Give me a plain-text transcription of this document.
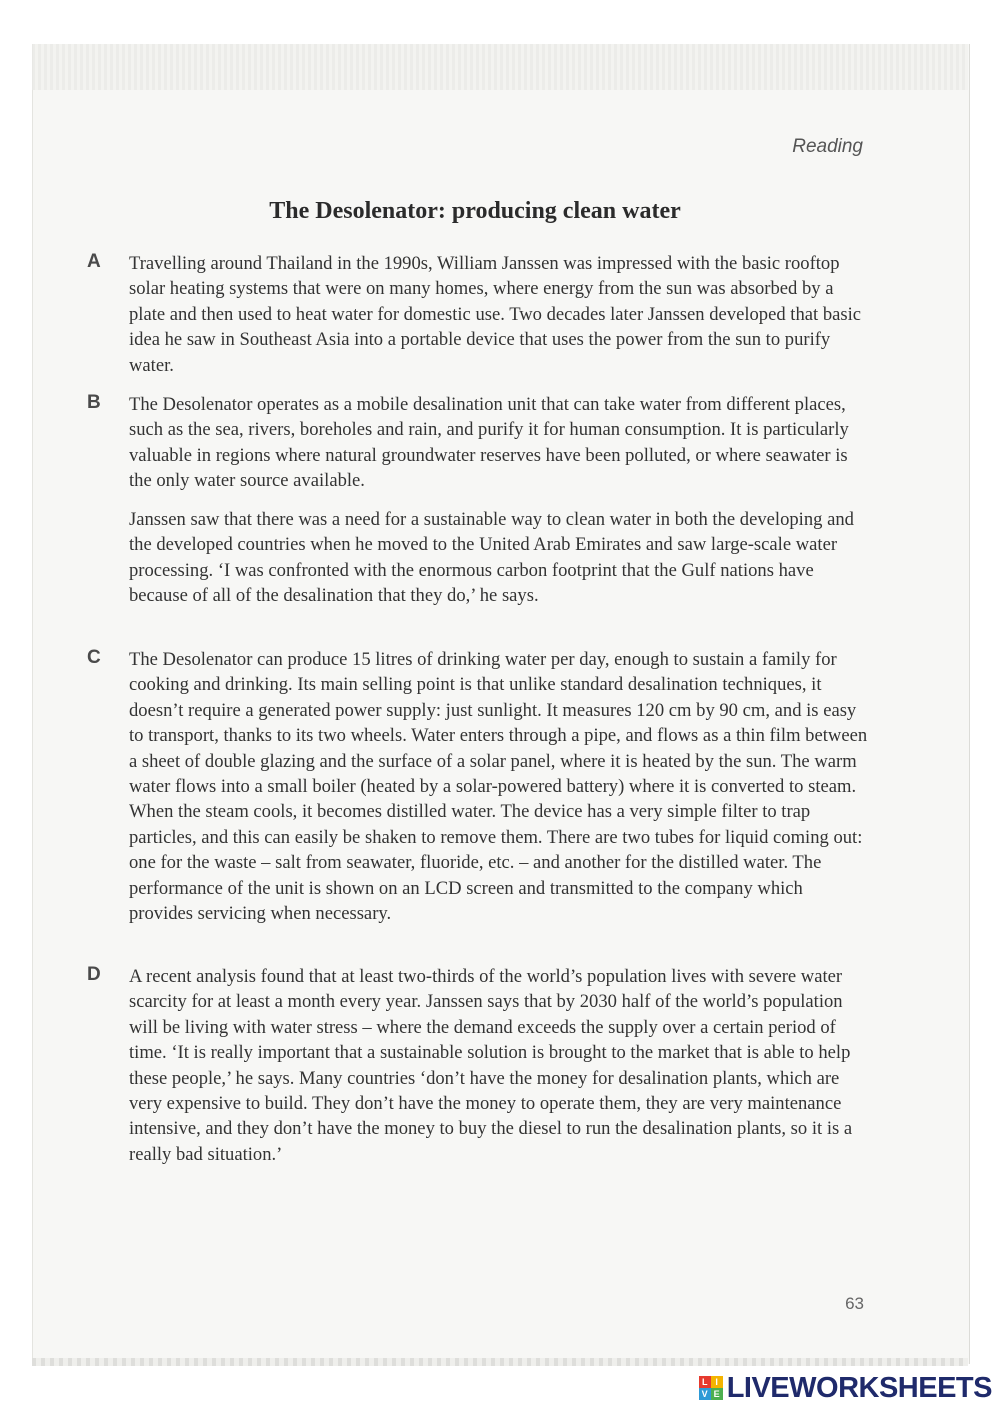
Reading
The Desolenator: producing clean water
A Travelling around Thailand in the 1990s, William Janssen was impressed with the basic rooftop solar heating systems that were on many homes, where energy from the sun was absorbed by a plate and then used to heat water for domestic use. Two decades later Janssen developed that basic idea he saw in Southeast Asia into a portable device that uses the power from the sun to purify water.
B The Desolenator operates as a mobile desalination unit that can take water from different places, such as the sea, rivers, boreholes and rain, and purify it for human consumption. It is particularly valuable in regions where natural groundwater reserves have been polluted, or where seawater is the only water source available.
Janssen saw that there was a need for a sustainable way to clean water in both the developing and the developed countries when he moved to the United Arab Emirates and saw large-scale water processing. ‘I was confronted with the enormous carbon footprint that the Gulf nations have because of all of the desalination that they do,’ he says.
C The Desolenator can produce 15 litres of drinking water per day, enough to sustain a family for cooking and drinking. Its main selling point is that unlike standard desalination techniques, it doesn’t require a generated power supply: just sunlight. It measures 120 cm by 90 cm, and is easy to transport, thanks to its two wheels. Water enters through a pipe, and flows as a thin film between a sheet of double glazing and the surface of a solar panel, where it is heated by the sun. The warm water flows into a small boiler (heated by a solar-powered battery) where it is converted to steam. When the steam cools, it becomes distilled water. The device has a very simple filter to trap particles, and this can easily be shaken to remove them. There are two tubes for liquid coming out: one for the waste – salt from seawater, fluoride, etc. – and another for the distilled water. The performance of the unit is shown on an LCD screen and transmitted to the company which provides servicing when necessary.
D A recent analysis found that at least two-thirds of the world’s population lives with severe water scarcity for at least a month every year. Janssen says that by 2030 half of the world’s population will be living with water stress – where the demand exceeds the supply over a certain period of time. ‘It is really important that a sustainable solution is brought to the market that is able to help these people,’ he says. Many countries ‘don’t have the money for desalination plants, which are very expensive to build. They don’t have the money to operate them, they are very maintenance intensive, and they don’t have the money to buy the diesel to run the desalination plants, so it is a really bad situation.’
63
L I
V E LIVEWORKSHEETS
